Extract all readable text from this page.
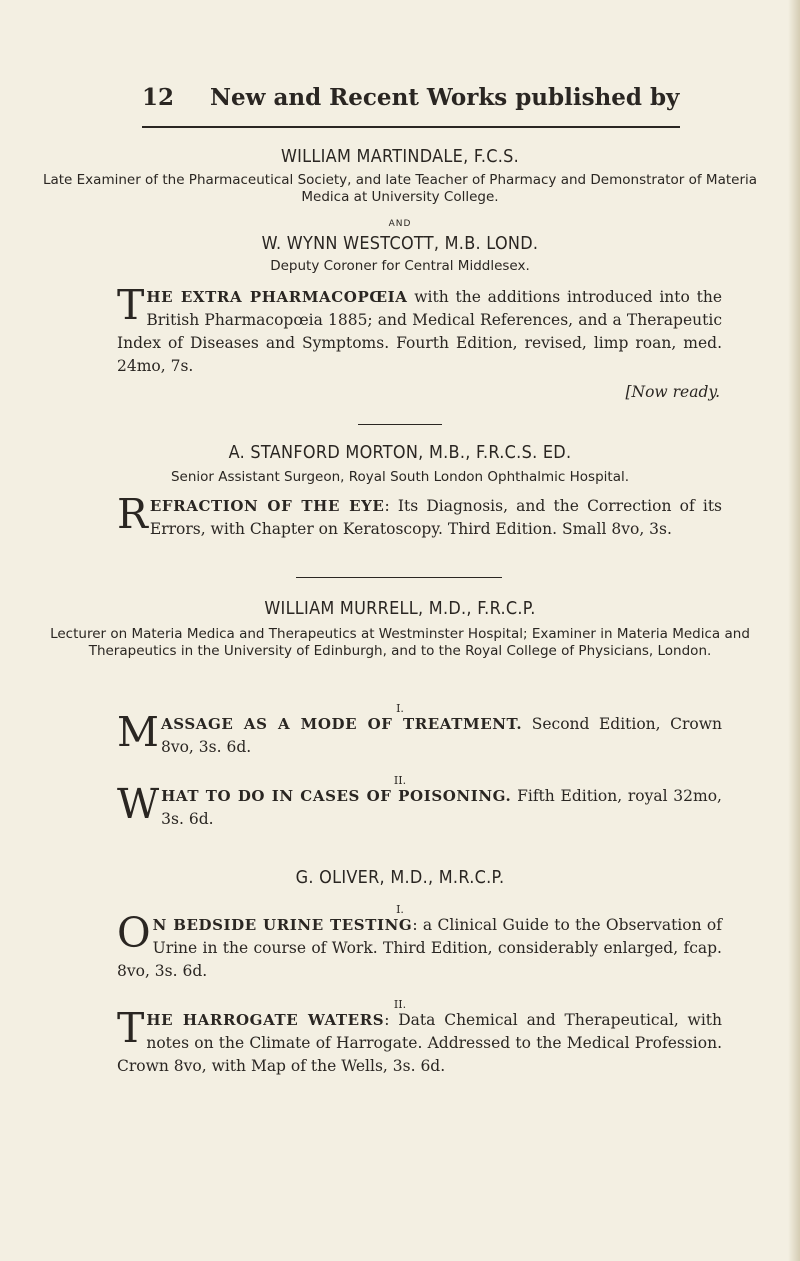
12 New and Recent Works published by
WILLIAM MARTINDALE, F.C.S.
Late Examiner of the Pharmaceutical Society, and late Teacher of Pharmacy and Demonstrator of Materia Medica at University College.
AND
W. WYNN WESTCOTT, M.B. LOND.
Deputy Coroner for Central Middlesex.

THE EXTRA PHARMACOPŒIA with the additions introduced into the British Pharmacopœia 1885; and Medical References, and a Therapeutic Index of Diseases and Symptoms. Fourth Edition, revised, limp roan, med. 24mo, 7s.

[Now ready.
A. STANFORD MORTON, M.B., F.R.C.S. ED.
Senior Assistant Surgeon, Royal South London Ophthalmic Hospital.

REFRACTION OF THE EYE: Its Diagnosis, and the Correction of its Errors, with Chapter on Keratoscopy. Third Edition. Small 8vo, 3s.

WILLIAM MURRELL, M.D., F.R.C.P.
Lecturer on Materia Medica and Therapeutics at Westminster Hospital; Examiner in Materia Medica and Therapeutics in the University of Edinburgh, and to the Royal College of Physicians, London.
I.

MASSAGE AS A MODE OF TREATMENT. Second Edition, Crown 8vo, 3s. 6d.

II.

WHAT TO DO IN CASES OF POISONING. Fifth Edition, royal 32mo, 3s. 6d.

G. OLIVER, M.D., M.R.C.P.
I.

O N BEDSIDE URINE TESTING: a Clinical Guide to the Observation of Urine in the course of Work. Third Edition, considerably enlarged, fcap. 8vo, 3s. 6d.

II.

THE HARROGATE WATERS: Data Chemical and Therapeutical, with notes on the Climate of Harrogate. Addressed to the Medical Profession. Crown 8vo, with Map of the Wells, 3s. 6d.
